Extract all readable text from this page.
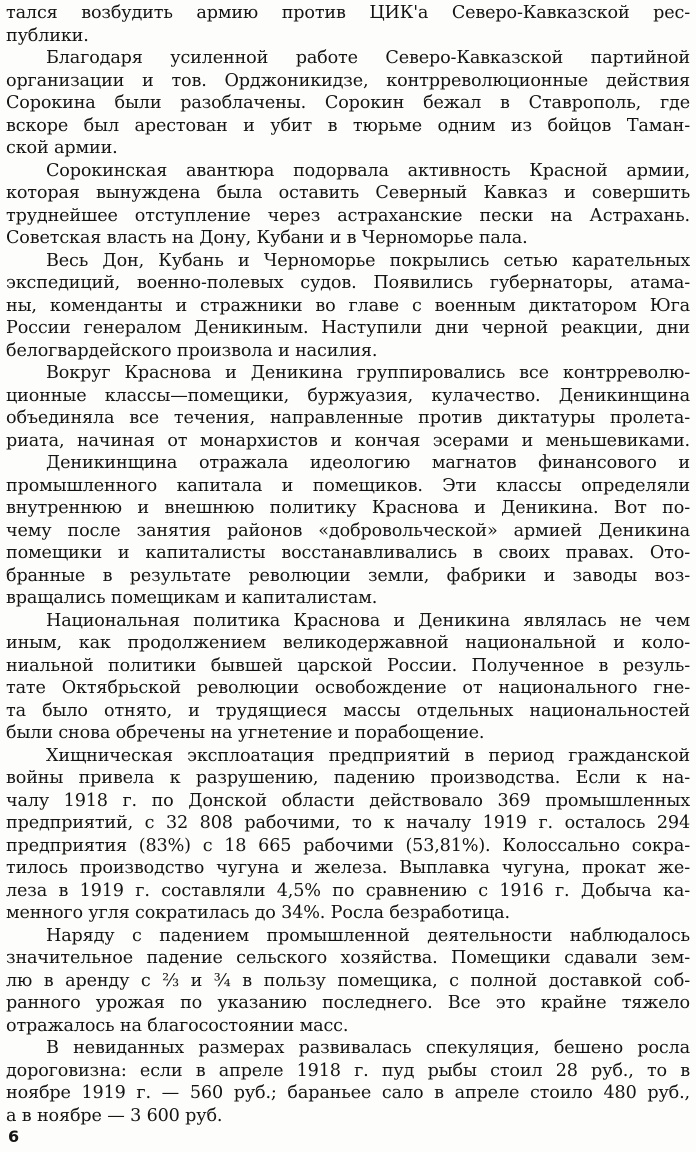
тался возбудить армию против ЦИК'а Северо-Кавказской рес-
публики.
Благодаря усиленной работе Северо-Кавказской партийной
организации и тов. Орджоникидзе, контрреволюционные действия
Сорокина были разоблачены. Сорокин бежал в Ставрополь, где
вскоре был арестован и убит в тюрьме одним из бойцов Таман-
ской армии.
Сорокинская авантюра подорвала активность Красной армии,
которая вынуждена была оставить Северный Кавказ и совершить
труднейшее отступление через астраханские пески на Астрахань.
Советская власть на Дону, Кубани и в Черноморье пала.
Весь Дон, Кубань и Черноморье покрылись сетью карательных
экспедиций, военно-полевых судов. Появились губернаторы, атама-
ны, коменданты и стражники во главе с военным диктатором Юга
России генералом Деникиным. Наступили дни черной реакции, дни
белогвардейского произвола и насилия.
Вокруг Краснова и Деникина группировались все контрреволю-
ционные классы—помещики, буржуазия, кулачество. Деникинщина
объединяла все течения, направленные против диктатуры пролета-
риата, начиная от монархистов и кончая эсерами и меньшевиками.
Деникинщина отражала идеологию магнатов финансового и
промышленного капитала и помещиков. Эти классы определяли
внутреннюю и внешнюю политику Краснова и Деникина. Вот по-
чему после занятия районов «добровольческой» армией Деникина
помещики и капиталисты восстанавливались в своих правах. Ото-
бранные в результате революции земли, фабрики и заводы воз-
вращались помещикам и капиталистам.
Национальная политика Краснова и Деникина являлась не чем
иным, как продолжением великодержавной национальной и коло-
ниальной политики бывшей царской России. Полученное в резуль-
тате Октябрьской революции освобождение от национального гне-
та было отнято, и трудящиеся массы отдельных национальностей
были снова обречены на угнетение и порабощение.
Хищническая эксплоатация предприятий в период гражданской
войны привела к разрушению, падению производства. Если к на-
чалу 1918 г. по Донской области действовало 369 промышленных
предприятий, с 32 808 рабочими, то к началу 1919 г. осталось 294
предприятия (83%) с 18 665 рабочими (53,81%). Колоссально сокра-
тилось производство чугуна и железа. Выплавка чугуна, прокат же-
леза в 1919 г. составляли 4,5% по сравнению с 1916 г. Добыча ка-
менного угля сократилась до 34%. Росла безработица.
Наряду с падением промышленной деятельности наблюдалось
значительное падение сельского хозяйства. Помещики сдавали зем-
лю в аренду с ⅔ и ¾ в пользу помещика, с полной доставкой соб-
ранного урожая по указанию последнего. Все это крайне тяжело
отражалось на благосостоянии масс.
В невиданных размерах развивалась спекуляция, бешено росла
дороговизна: если в апреле 1918 г. пуд рыбы стоил 28 руб., то в
ноябре 1919 г. — 560 руб.; бараньее сало в апреле стоило 480 руб.,
а в ноябре — 3 600 руб.
6
